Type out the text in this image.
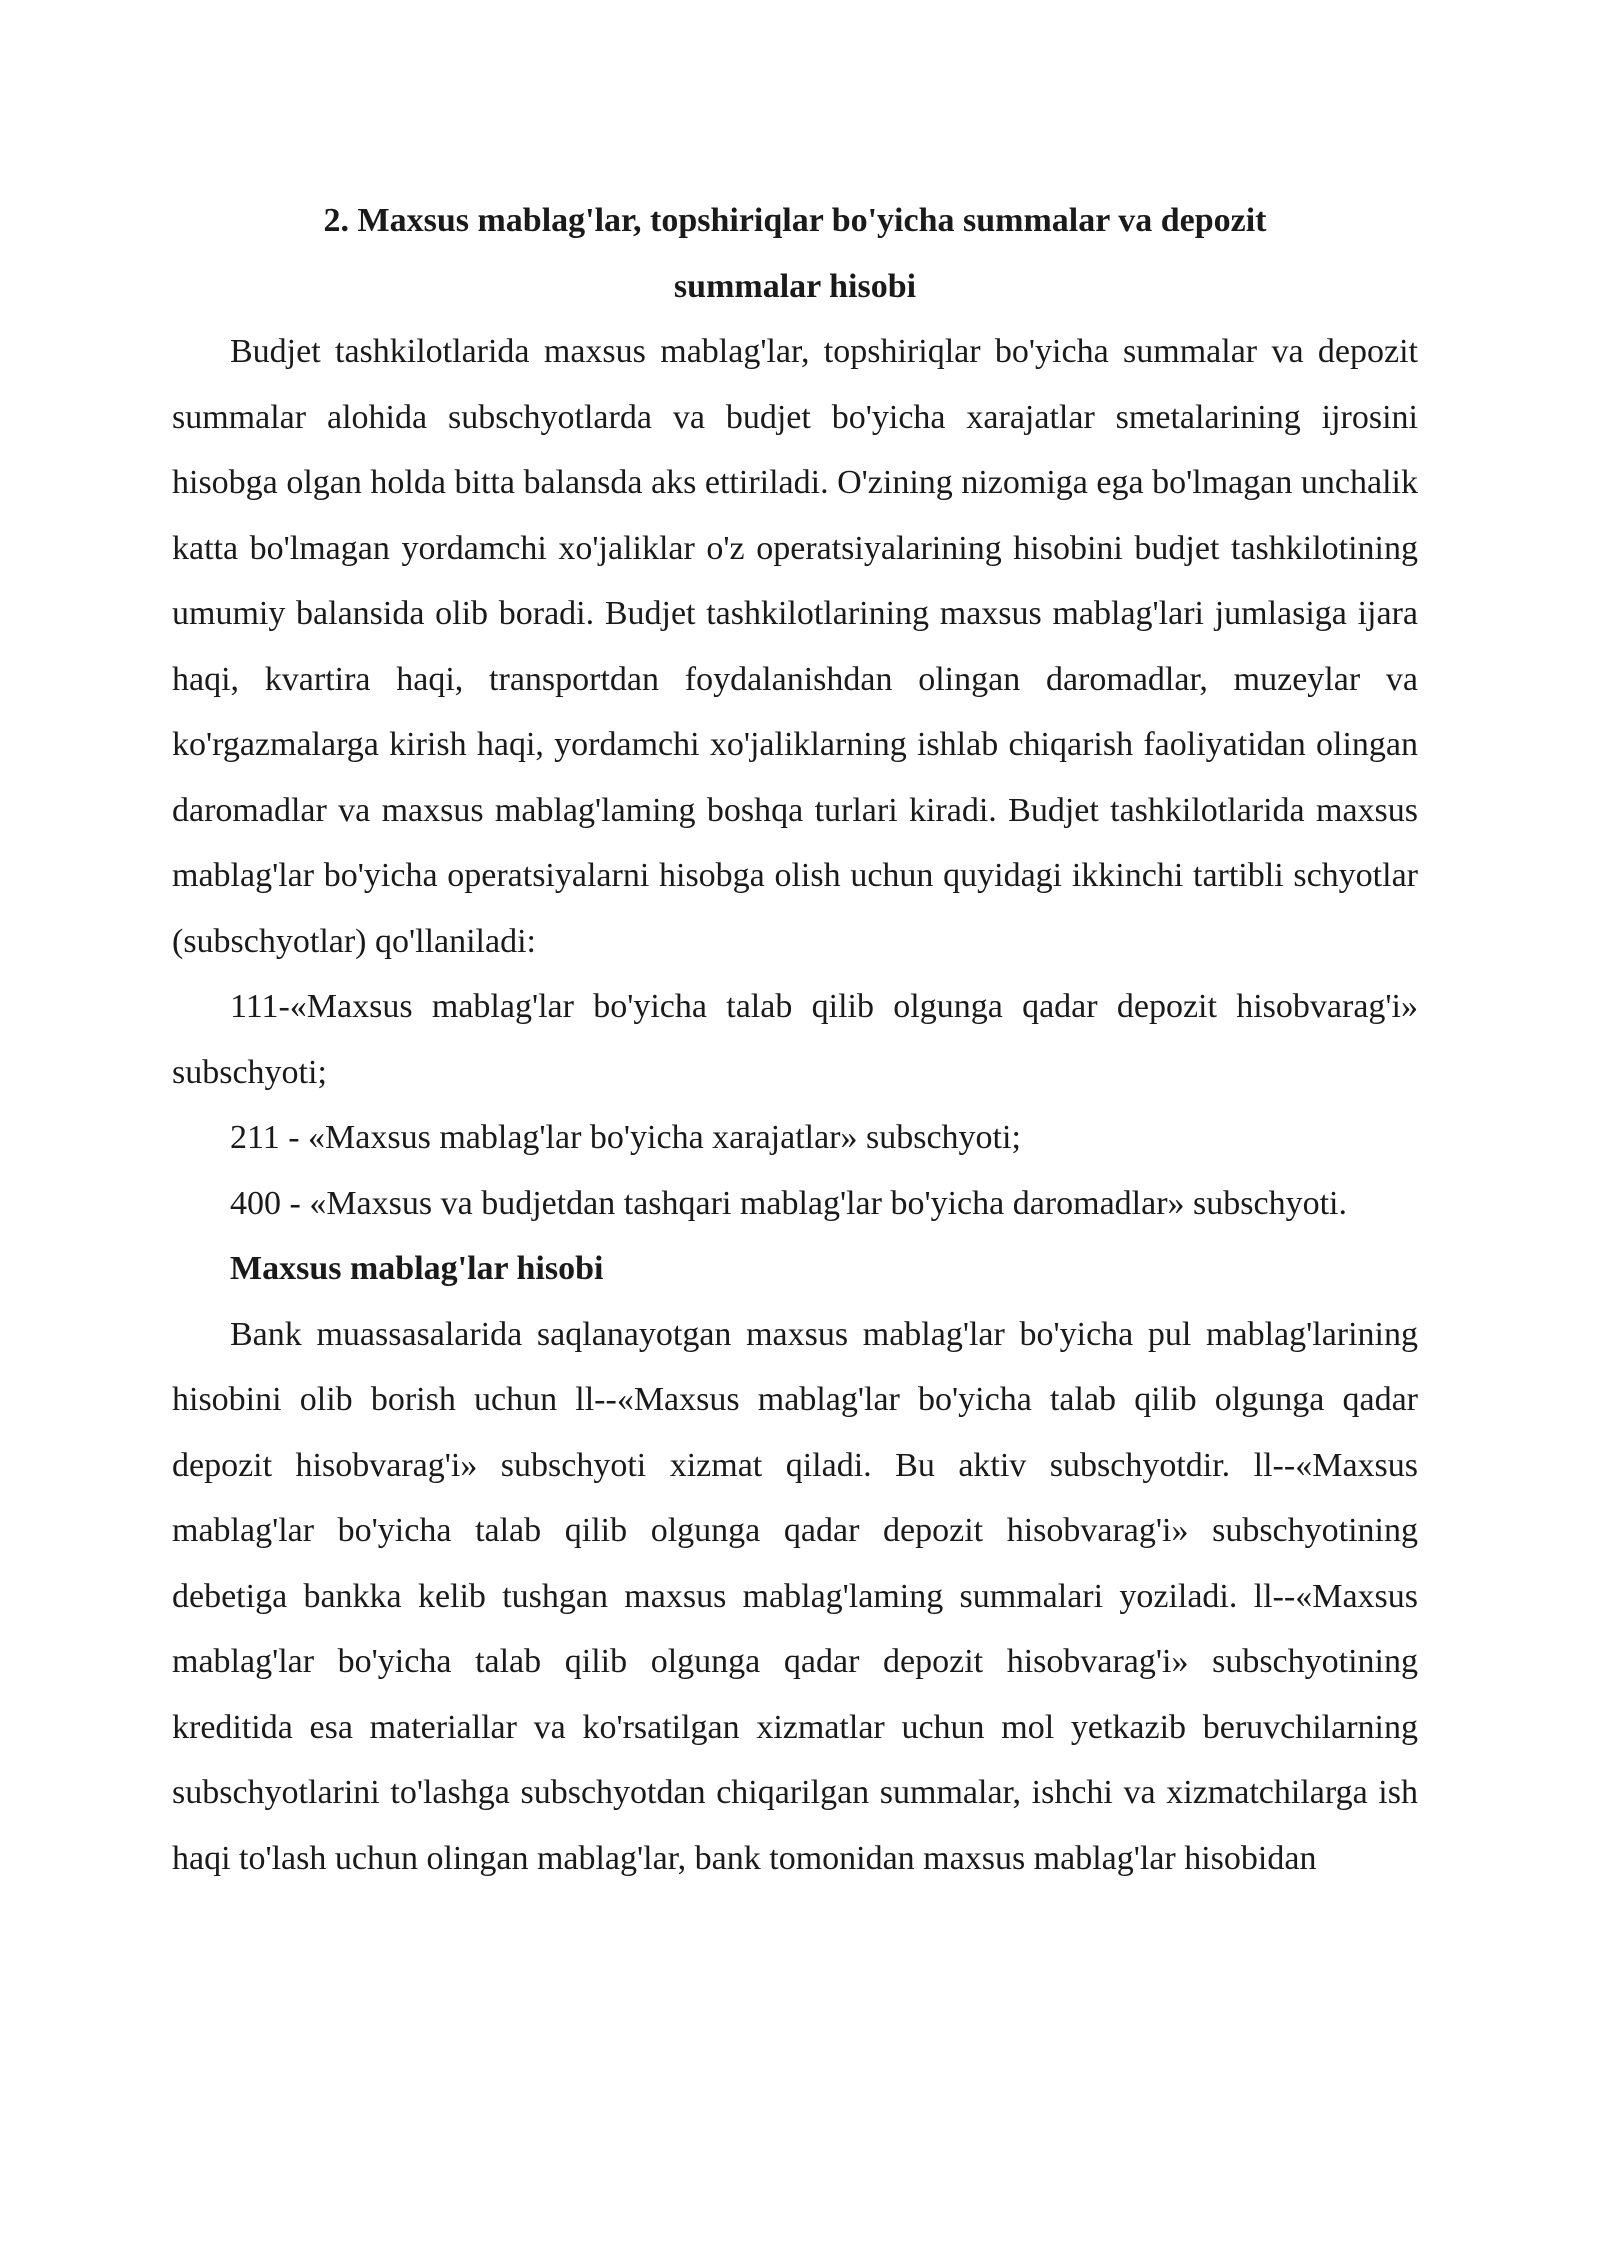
2. Maxsus mablag'lar, topshiriqlar bo'yicha summalar va depozit
summalar hisobi

Budjet tashkilotlarida maxsus mablag'lar, topshiriqlar bo'yicha summalar va depozit summalar alohida subschyotlarda va budjet bo'yicha xarajatlar smetalarining ijrosini hisobga olgan holda bitta balansda aks ettiriladi. O'zining nizomiga ega bo'lmagan unchalik katta bo'lmagan yordamchi xo'jaliklar o'z operatsiyalarining hisobini budjet tashkilotining umumiy balansida olib boradi. Budjet tashkilotlarining maxsus mablag'lari jumlasiga ijara haqi, kvartira haqi, transportdan foydalanishdan olingan daromadlar, muzeylar va ko'rgazmalarga kirish haqi, yordamchi xo'jaliklarning ishlab chiqarish faoliyatidan olingan daromadlar va maxsus mablag'laming boshqa turlari kiradi. Budjet tashkilotlarida maxsus mablag'lar bo'yicha operatsiyalarni hisobga olish uchun quyidagi ikkinchi tartibli schyotlar (subschyotlar) qo'llaniladi:

111-«Maxsus mablag'lar bo'yicha talab qilib olgunga qadar depozit hisobvarag'i» subschyoti;

211 - «Maxsus mablag'lar bo'yicha xarajatlar» subschyoti;

400 - «Maxsus va budjetdan tashqari mablag'lar bo'yicha daromadlar» subschyoti.

Maxsus mablag'lar hisobi

Bank muassasalarida saqlanayotgan maxsus mablag'lar bo'yicha pul mablag'larining hisobini olib borish uchun ll--«Maxsus mablag'lar bo'yicha talab qilib olgunga qadar depozit hisobvarag'i» subschyoti xizmat qiladi. Bu aktiv subschyotdir. ll--«Maxsus mablag'lar bo'yicha talab qilib olgunga qadar depozit hisobvarag'i» subschyotining debetiga bankka kelib tushgan maxsus mablag'laming summalari yoziladi. ll--«Maxsus mablag'lar bo'yicha talab qilib olgunga qadar depozit hisobvarag'i» subschyotining kreditida esa materiallar va ko'rsatilgan xizmatlar uchun mol yetkazib beruvchilarning subschyotlarini to'lashga subschyotdan chiqarilgan summalar, ishchi va xizmatchilarga ish haqi to'lash uchun olingan mablag'lar, bank tomonidan maxsus mablag'lar hisobidan
